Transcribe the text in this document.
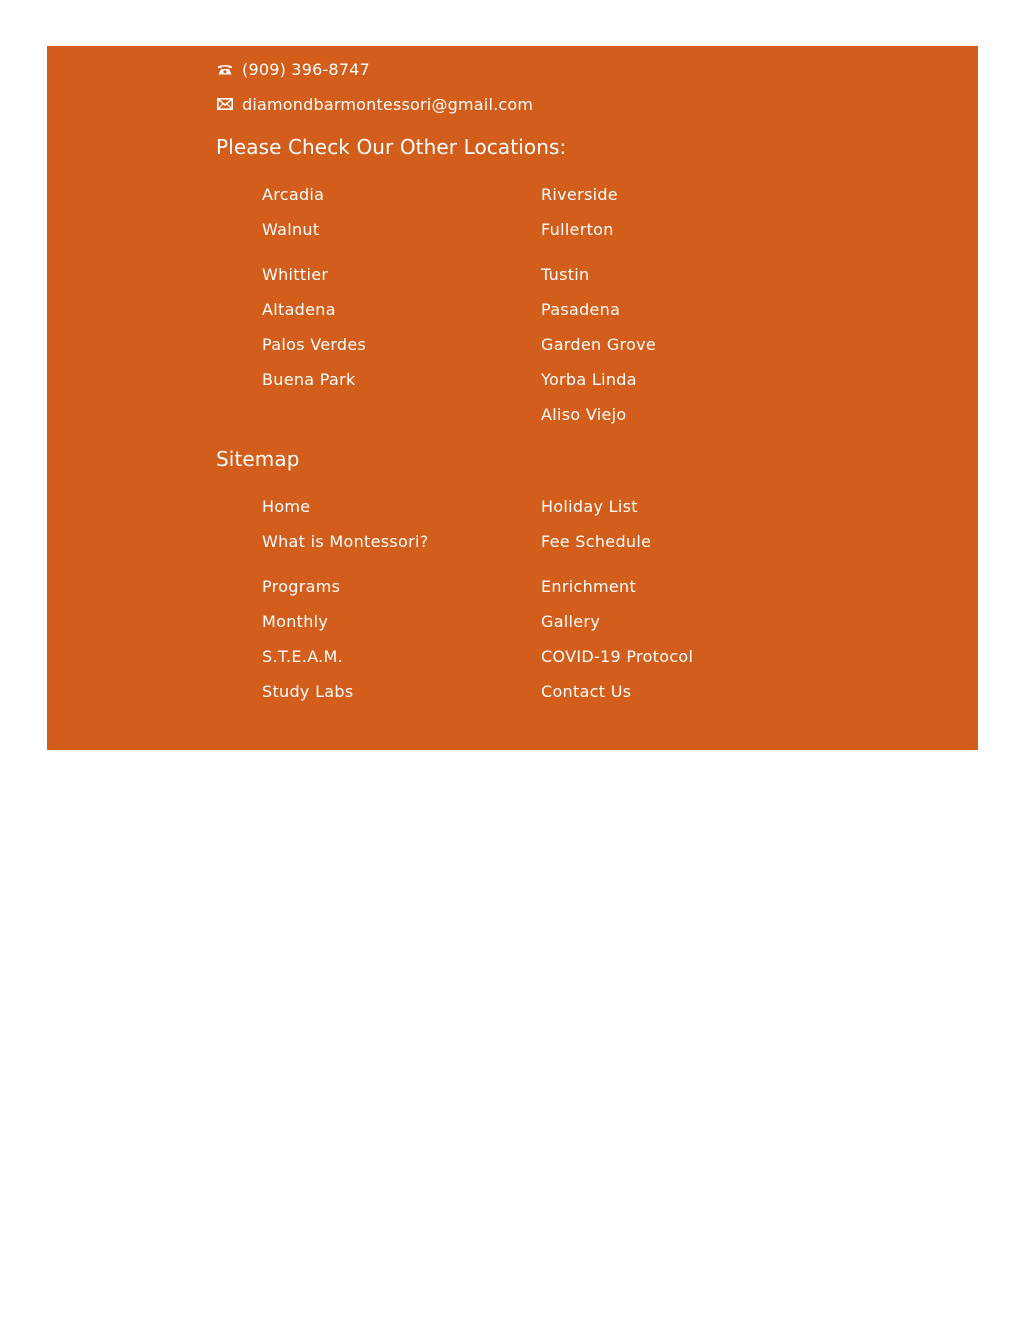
(909) 396-8747
diamondbarmontessori@gmail.com
Please Check Our Other Locations:
Arcadia
Walnut
Whittier
Altadena
Palos Verdes
Buena Park
Riverside
Fullerton
Tustin
Pasadena
Garden Grove
Yorba Linda
Aliso Viejo
Sitemap
Home
What is Montessori?
Programs
Monthly
S.T.E.A.M.
Study Labs
Holiday List
Fee Schedule
Enrichment
Gallery
COVID-19 Protocol
Contact Us
